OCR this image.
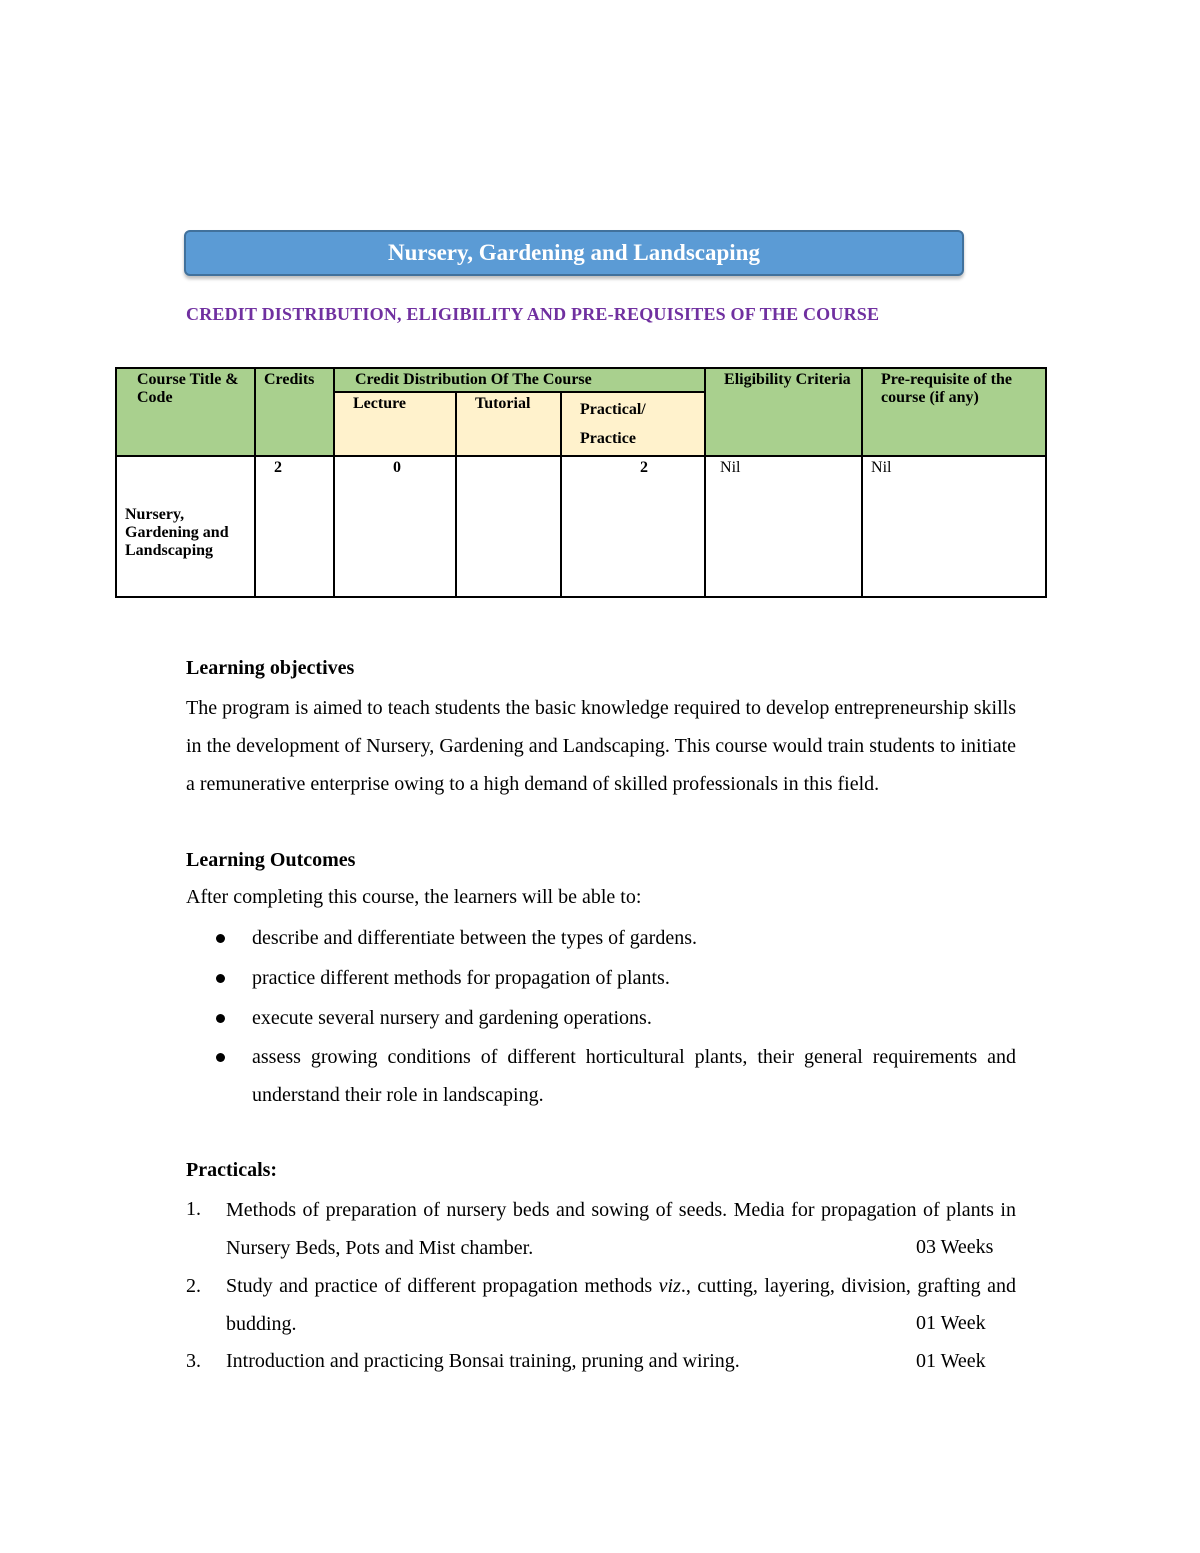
Nursery, Gardening and Landscaping
CREDIT DISTRIBUTION, ELIGIBILITY AND PRE-REQUISITES OF THE COURSE
Course Title & Code	Credits	Credit Distribution Of The Course			Eligibility Criteria	Pre-requisite of the course (if any)
		Lecture	Tutorial	Practical/ Practice		
Nursery, Gardening and Landscaping	2	0		2	Nil	Nil
Learning objectives
The program is aimed to teach students the basic knowledge required to develop entrepreneurship skills in the development of Nursery, Gardening and Landscaping. This course would train students to initiate a remunerative enterprise owing to a high demand of skilled professionals in this field.
Learning Outcomes
After completing this course, the learners will be able to:
describe and differentiate between the types of gardens.
practice different methods for propagation of plants.
execute several nursery and gardening operations.
assess growing conditions of different horticultural plants, their general requirements and understand their role in landscaping.
Practicals:
1. Methods of preparation of nursery beds and sowing of seeds. Media for propagation of plants in Nursery Beds, Pots and Mist chamber.	03 Weeks
2. Study and practice of different propagation methods viz., cutting, layering, division, grafting and budding.	01 Week
3. Introduction and practicing Bonsai training, pruning and wiring.	01 Week
